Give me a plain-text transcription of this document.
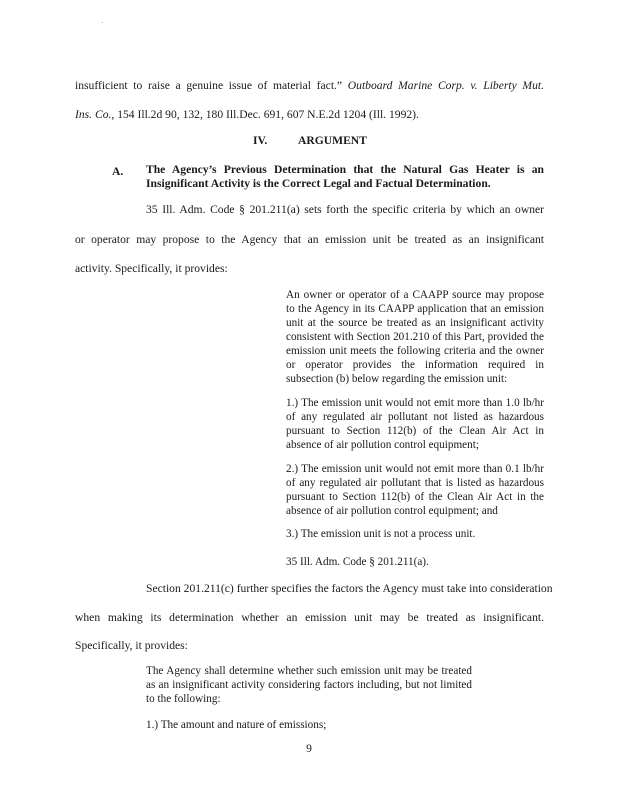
·
insufficient to raise a genuine issue of material fact.” Outboard Marine Corp. v. Liberty Mut.
Ins. Co., 154 Ill.2d 90, 132, 180 Ill.Dec. 691, 607 N.E.2d 1204 (Ill. 1992).
IV.	ARGUMENT
A. The Agency’s Previous Determination that the Natural Gas Heater is an Insignificant Activity is the Correct Legal and Factual Determination.
35 Ill. Adm. Code § 201.211(a) sets forth the specific criteria by which an owner
or operator may propose to the Agency that an emission unit be treated as an insignificant
activity. Specifically, it provides:

An owner or operator of a CAAPP source may propose to the Agency in its CAAPP application that an emission unit at the source be treated as an insignificant activity consistent with Section 201.210 of this Part, provided the emission unit meets the following criteria and the owner or operator provides the information required in subsection (b) below regarding the emission unit:

1.) The emission unit would not emit more than 1.0 lb/hr of any regulated air pollutant not listed as hazardous pursuant to Section 112(b) of the Clean Air Act in absence of air pollution control equipment;

2.) The emission unit would not emit more than 0.1 lb/hr of any regulated air pollutant that is listed as hazardous pursuant to Section 112(b) of the Clean Air Act in the absence of air pollution control equipment; and

3.) The emission unit is not a process unit.

35 Ill. Adm. Code § 201.211(a).

Section 201.211(c) further specifies the factors the Agency must take into consideration
when making its determination whether an emission unit may be treated as insignificant.
Specifically, it provides:

The Agency shall determine whether such emission unit may be treated as an insignificant activity considering factors including, but not limited to the following:

1.) The amount and nature of emissions;

9
